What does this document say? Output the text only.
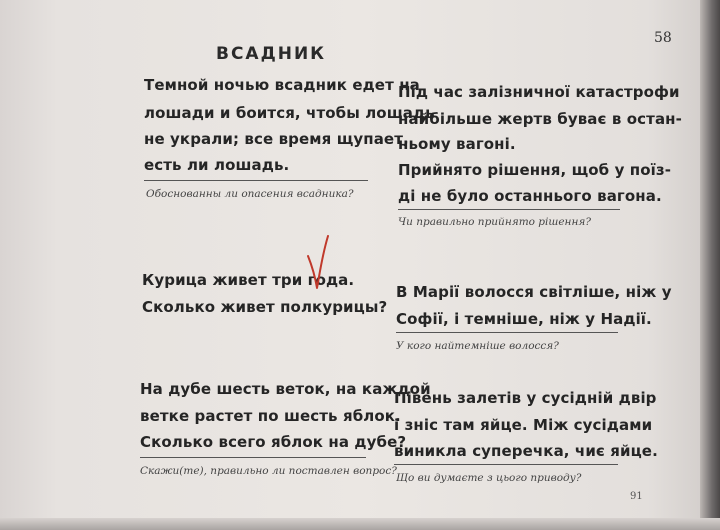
58
91
ВСАДНИК
Темной ночью всадник едет на
лошади и боится, чтобы лошадь
не украли; все время щупает,
есть ли лошадь.
Обоснованны ли опасения всадника?
Курица живет три года.
Сколько живет полкурицы?
На дубе шесть веток, на каждой
ветке растет по шесть яблок.
Сколько всего яблок на дубе?
Скажи(те), правильно ли поставлен вопрос?
Під час залізничної катастрофи
найбільше жертв буває в остан-
ньому вагоні.
Прийнято рішення, щоб у поїз-
ді не було останнього вагона.
Чи правильно прийнято рішення?
В Марії волосся світліше, ніж у
Софії, і темніше, ніж у Надії.
У кого найтемніше волосся?
Півень залетів у сусідній двір
і зніс там яйце. Між сусідами
виникла суперечка, чиє яйце.
Що ви думаєте з цього приводу?
